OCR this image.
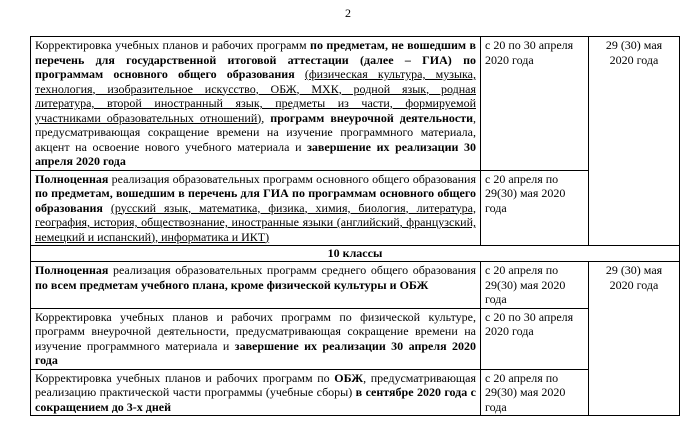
2
Корректировка учебных планов и рабочих программ по предметам, не вошедшим в перечень для государственной итоговой аттестации (далее – ГИА) по программам основного общего образования (физическая культура, музыка, технология, изобразительное искусство, ОБЖ, МХК, родной язык, родная литература, второй иностранный язык, предметы из части, формируемой участниками образовательных отношений), программ внеурочной деятельности, предусматривающая сокращение времени на изучение программного материала, акцент на освоение нового учебного материала и завершение их реализации 30 апреля 2020 года	с 20 по 30 апреля 2020 года	29 (30) мая 2020 года
Полноценная реализация образовательных программ основного общего образования по предметам, вошедшим в перечень для ГИА по программам основного общего образования (русский язык, математика, физика, химия, биология, литература, география, история, обществознание, иностранные языки (английский, французский, немецкий и испанский), информатика и ИКТ)	с 20 апреля по 29(30) мая 2020 года	
10 классы		
Полноценная реализация образовательных программ среднего общего образования по всем предметам учебного плана, кроме физической культуры и ОБЖ	с 20 апреля по 29(30) мая 2020 года	29 (30) мая 2020 года
Корректировка учебных планов и рабочих программ по физической культуре, программ внеурочной деятельности, предусматривающая сокращение времени на изучение программного материала и завершение их реализации 30 апреля 2020 года	с 20 по 30 апреля 2020 года	
Корректировка учебных планов и рабочих программ по ОБЖ, предусматривающая реализацию практической части программы (учебные сборы) в сентябре 2020 года с сокращением до 3-х дней	с 20 апреля по 29(30) мая 2020 года	
